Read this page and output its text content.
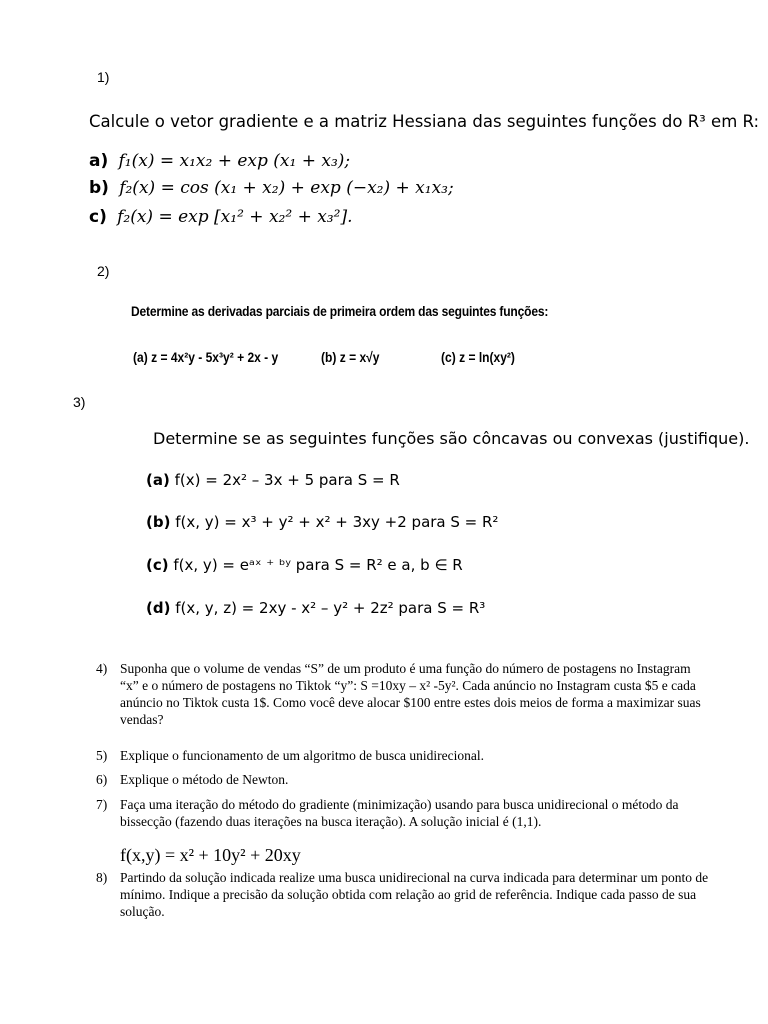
1)
Calcule o vetor gradiente e a matriz Hessiana das seguintes funções do R³ em R:
a) f₁(x) = x₁x₂ + exp (x₁ + x₃);
b) f₂(x) = cos (x₁ + x₂) + exp (−x₂) + x₁x₃;
c) f₂(x) = exp [x₁² + x₂² + x₃²].
2)
Determine as derivadas parciais de primeira ordem das seguintes funções:
(a) z = 4x²y - 5x³y² + 2x - y	(b) z = x√y	(c) z = ln(xy²)
3)
Determine se as seguintes funções são côncavas ou convexas (justifique).
(a) f(x) = 2x² – 3x + 5 para S = R
(b) f(x, y) = x³ + y² + x² + 3xy +2 para S = R²
(c) f(x, y) = eᵃˣ ⁺ ᵇʸ para S = R² e a, b ∈ R
(d) f(x, y, z) = 2xy - x² – y² + 2z² para S = R³
4) Suponha que o volume de vendas “S” de um produto é uma função do número de postagens no Instagram “x” e o número de postagens no Tiktok “y”: S =10xy – x² -5y². Cada anúncio no Instagram custa $5 e cada anúncio no Tiktok custa 1$. Como você deve alocar $100 entre estes dois meios de forma a maximizar suas vendas?
5) Explique o funcionamento de um algoritmo de busca unidirecional.
6) Explique o método de Newton.
7) Faça uma iteração do método do gradiente (minimização) usando para busca unidirecional o método da bissecção (fazendo duas iterações na busca iteração). A solução inicial é (1,1).
f(x,y) = x² + 10y² + 20xy
8) Partindo da solução indicada realize uma busca unidirecional na curva indicada para determinar um ponto de mínimo. Indique a precisão da solução obtida com relação ao grid de referência. Indique cada passo de sua solução.
